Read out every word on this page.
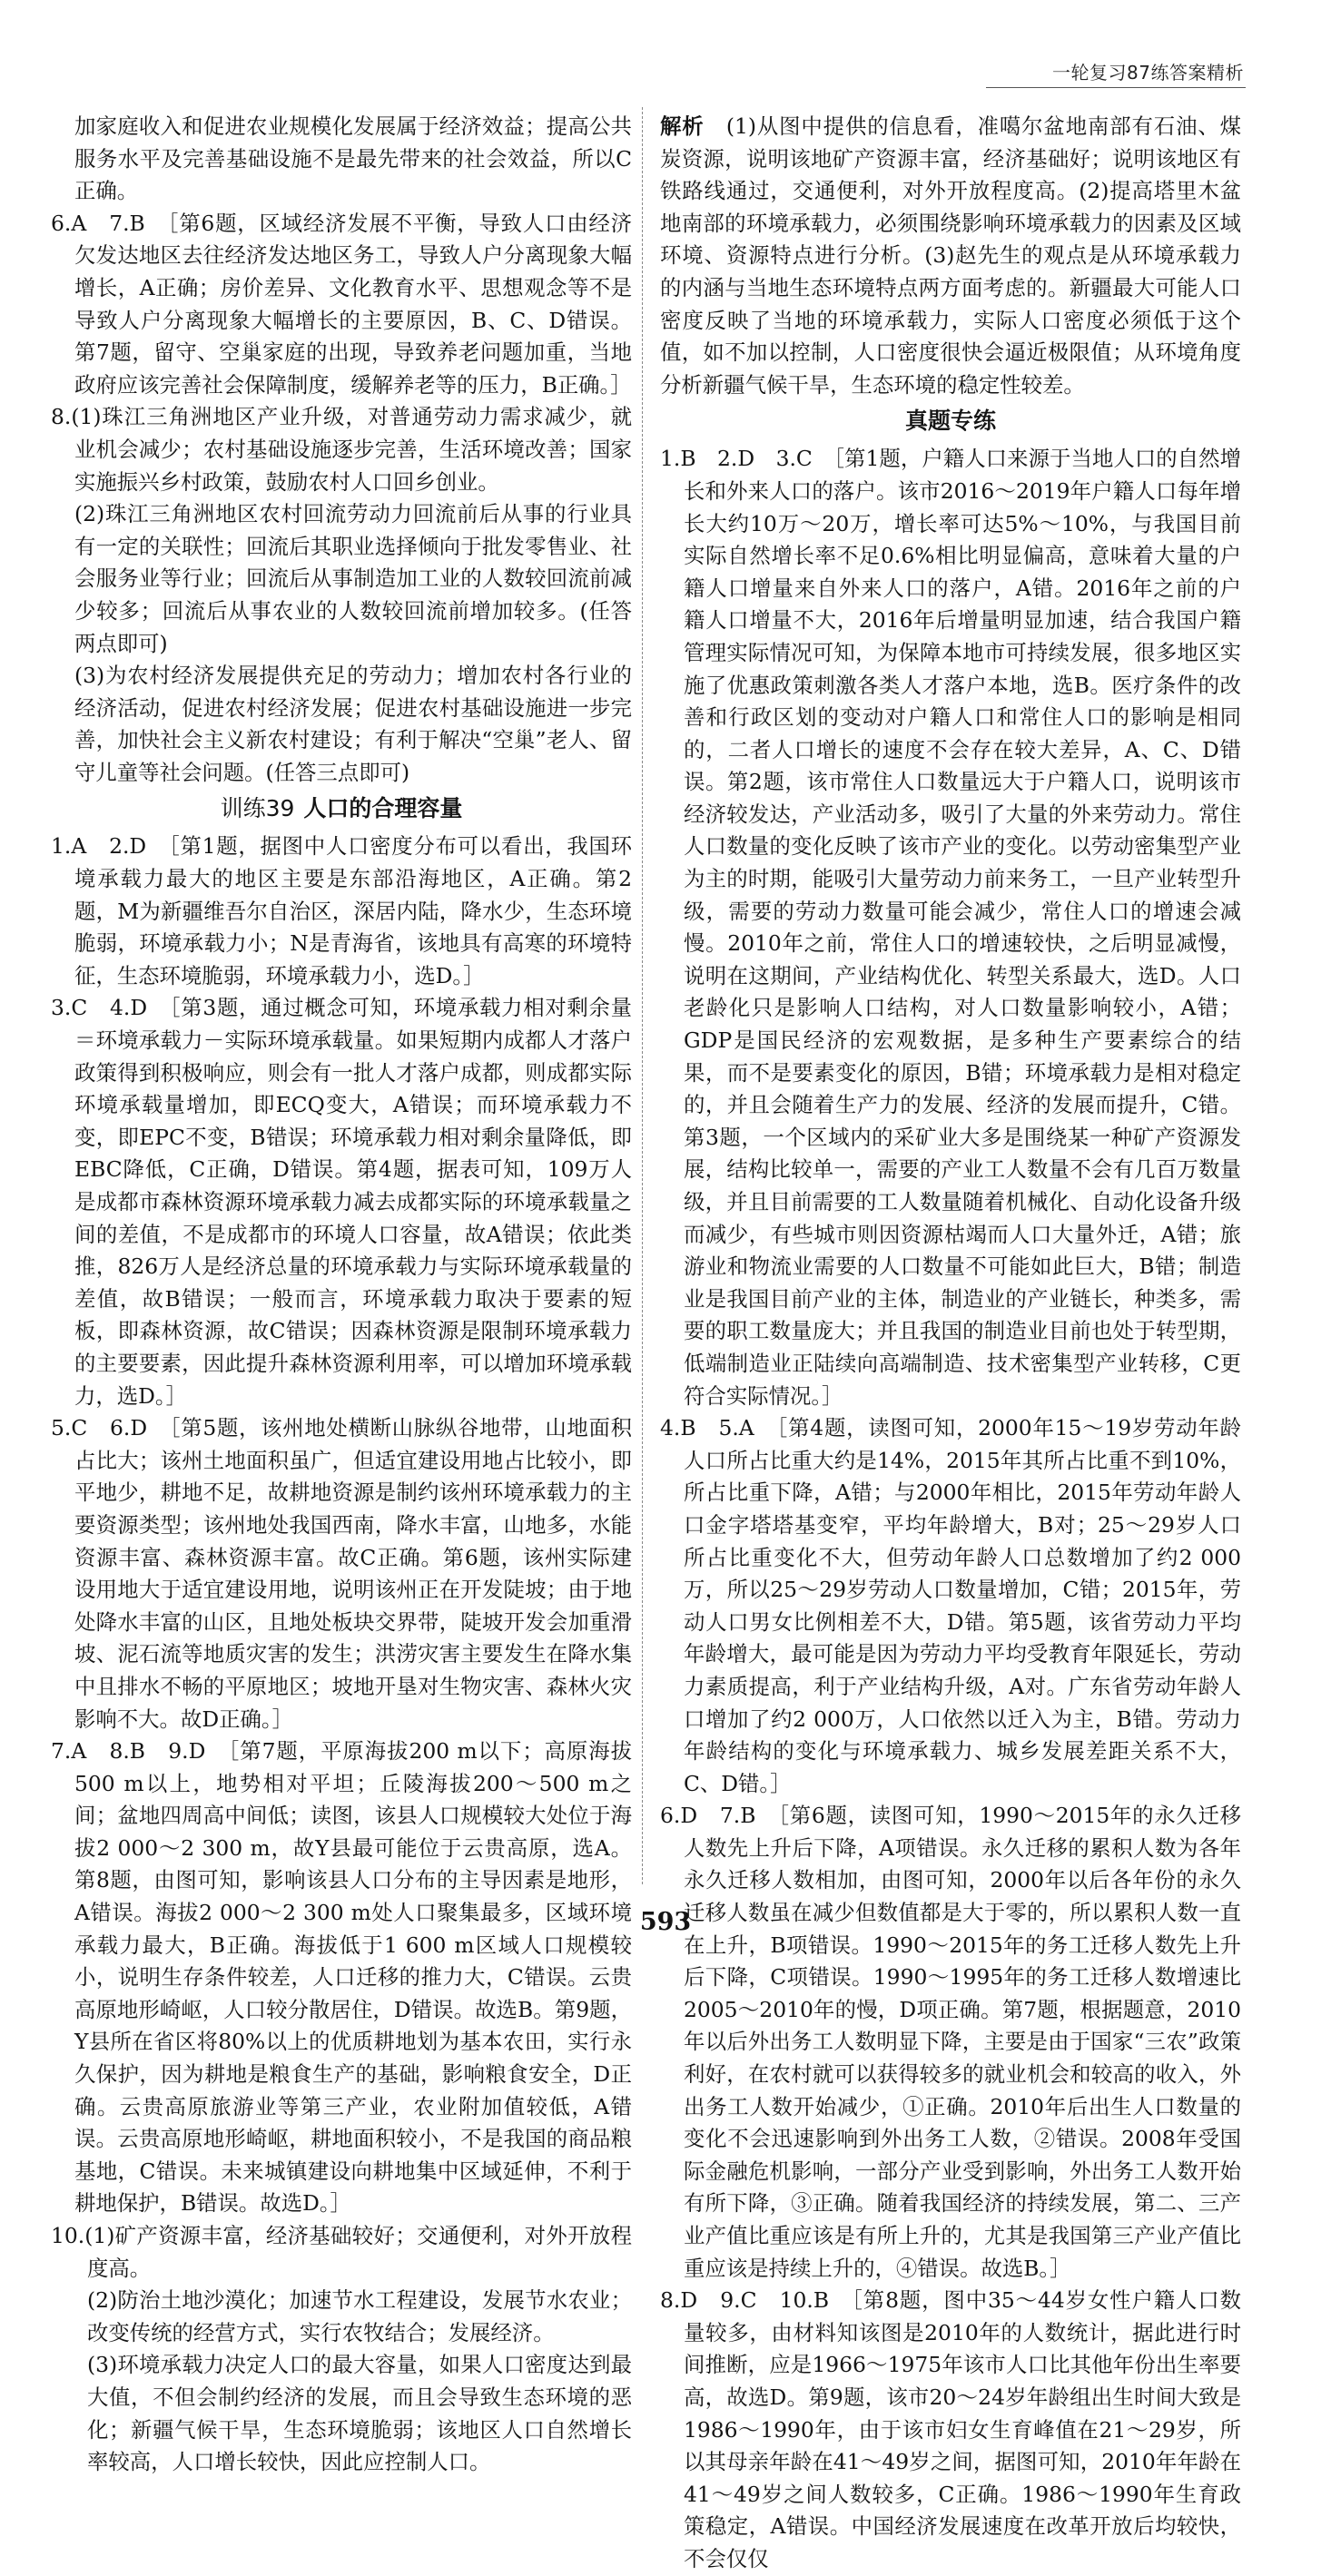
一轮复习87练答案精析

加家庭收入和促进农业规模化发展属于经济效益；提高公共服务水平及完善基础设施不是最先带来的社会效益，所以C正确。

6.A　7.B　［第6题，区域经济发展不平衡，导致人口由经济欠发达地区去往经济发达地区务工，导致人户分离现象大幅增长，A正确；房价差异、文化教育水平、思想观念等不是导致人户分离现象大幅增长的主要原因，B、C、D错误。第7题，留守、空巢家庭的出现，导致养老问题加重，当地政府应该完善社会保障制度，缓解养老等的压力，B正确。］

8.(1)珠江三角洲地区产业升级，对普通劳动力需求减少，就业机会减少；农村基础设施逐步完善，生活环境改善；国家实施振兴乡村政策，鼓励农村人口回乡创业。

(2)珠江三角洲地区农村回流劳动力回流前后从事的行业具有一定的关联性；回流后其职业选择倾向于批发零售业、社会服务业等行业；回流后从事制造加工业的人数较回流前减少较多；回流后从事农业的人数较回流前增加较多。(任答两点即可)

(3)为农村经济发展提供充足的劳动力；增加农村各行业的经济活动，促进农村经济发展；促进农村基础设施进一步完善，加快社会主义新农村建设；有利于解决“空巢”老人、留守儿童等社会问题。(任答三点即可)

训练39 人口的合理容量

1.A　2.D　［第1题，据图中人口密度分布可以看出，我国环境承载力最大的地区主要是东部沿海地区，A正确。第2题，M为新疆维吾尔自治区，深居内陆，降水少，生态环境脆弱，环境承载力小；N是青海省，该地具有高寒的环境特征，生态环境脆弱，环境承载力小，选D。］

3.C　4.D　［第3题，通过概念可知，环境承载力相对剩余量＝环境承载力－实际环境承载量。如果短期内成都人才落户政策得到积极响应，则会有一批人才落户成都，则成都实际环境承载量增加，即ECQ变大，A错误；而环境承载力不变，即EPC不变，B错误；环境承载力相对剩余量降低，即EBC降低，C正确，D错误。第4题，据表可知，109万人是成都市森林资源环境承载力减去成都实际的环境承载量之间的差值，不是成都市的环境人口容量，故A错误；依此类推，826万人是经济总量的环境承载力与实际环境承载量的差值，故B错误；一般而言，环境承载力取决于要素的短板，即森林资源，故C错误；因森林资源是限制环境承载力的主要要素，因此提升森林资源利用率，可以增加环境承载力，选D。］

5.C　6.D　［第5题，该州地处横断山脉纵谷地带，山地面积占比大；该州土地面积虽广，但适宜建设用地占比较小，即平地少，耕地不足，故耕地资源是制约该州环境承载力的主要资源类型；该州地处我国西南，降水丰富，山地多，水能资源丰富、森林资源丰富。故C正确。第6题，该州实际建设用地大于适宜建设用地，说明该州正在开发陡坡；由于地处降水丰富的山区，且地处板块交界带，陡坡开发会加重滑坡、泥石流等地质灾害的发生；洪涝灾害主要发生在降水集中且排水不畅的平原地区；坡地开垦对生物灾害、森林火灾影响不大。故D正确。］

7.A　8.B　9.D　［第7题，平原海拔200 m以下；高原海拔500 m以上，地势相对平坦；丘陵海拔200～500 m之间；盆地四周高中间低；读图，该县人口规模较大处位于海拔2 000～2 300 m，故Y县最可能位于云贵高原，选A。第8题，由图可知，影响该县人口分布的主导因素是地形，A错误。海拔2 000～2 300 m处人口聚集最多，区域环境承载力最大，B正确。海拔低于1 600 m区域人口规模较小，说明生存条件较差，人口迁移的推力大，C错误。云贵高原地形崎岖，人口较分散居住，D错误。故选B。第9题，Y县所在省区将80%以上的优质耕地划为基本农田，实行永久保护，因为耕地是粮食生产的基础，影响粮食安全，D正确。云贵高原旅游业等第三产业，农业附加值较低，A错误。云贵高原地形崎岖，耕地面积较小，不是我国的商品粮基地，C错误。未来城镇建设向耕地集中区域延伸，不利于耕地保护，B错误。故选D。］

10.(1)矿产资源丰富，经济基础较好；交通便利，对外开放程度高。

(2)防治土地沙漠化；加速节水工程建设，发展节水农业；改变传统的经营方式，实行农牧结合；发展经济。

(3)环境承载力决定人口的最大容量，如果人口密度达到最大值，不但会制约经济的发展，而且会导致生态环境的恶化；新疆气候干旱，生态环境脆弱；该地区人口自然增长率较高，人口增长较快，因此应控制人口。

解析　 (1)从图中提供的信息看，准噶尔盆地南部有石油、煤炭资源，说明该地矿产资源丰富，经济基础好；说明该地区有铁路线通过，交通便利，对外开放程度高。(2)提高塔里木盆地南部的环境承载力，必须围绕影响环境承载力的因素及区域环境、资源特点进行分析。(3)赵先生的观点是从环境承载力的内涵与当地生态环境特点两方面考虑的。新疆最大可能人口密度反映了当地的环境承载力，实际人口密度必须低于这个值，如不加以控制，人口密度很快会逼近极限值；从环境角度分析新疆气候干旱，生态环境的稳定性较差。

真题专练

1.B　2.D　3.C　［第1题，户籍人口来源于当地人口的自然增长和外来人口的落户。该市2016～2019年户籍人口每年增长大约10万～20万，增长率可达5%～10%，与我国目前实际自然增长率不足0.6%相比明显偏高，意味着大量的户籍人口增量来自外来人口的落户，A错。2016年之前的户籍人口增量不大，2016年后增量明显加速，结合我国户籍管理实际情况可知，为保障本地市可持续发展，很多地区实施了优惠政策刺激各类人才落户本地，选B。医疗条件的改善和行政区划的变动对户籍人口和常住人口的影响是相同的，二者人口增长的速度不会存在较大差异，A、C、D错误。第2题，该市常住人口数量远大于户籍人口，说明该市经济较发达，产业活动多，吸引了大量的外来劳动力。常住人口数量的变化反映了该市产业的变化。以劳动密集型产业为主的时期，能吸引大量劳动力前来务工，一旦产业转型升级，需要的劳动力数量可能会减少，常住人口的增速会减慢。2010年之前，常住人口的增速较快，之后明显减慢，说明在这期间，产业结构优化、转型关系最大，选D。人口老龄化只是影响人口结构，对人口数量影响较小，A错；GDP是国民经济的宏观数据，是多种生产要素综合的结果，而不是要素变化的原因，B错；环境承载力是相对稳定的，并且会随着生产力的发展、经济的发展而提升，C错。第3题，一个区域内的采矿业大多是围绕某一种矿产资源发展，结构比较单一，需要的产业工人数量不会有几百万数量级，并且目前需要的工人数量随着机械化、自动化设备升级而减少，有些城市则因资源枯竭而人口大量外迁，A错；旅游业和物流业需要的人口数量不可能如此巨大，B错；制造业是我国目前产业的主体，制造业的产业链长，种类多，需要的职工数量庞大；并且我国的制造业目前也处于转型期，低端制造业正陆续向高端制造、技术密集型产业转移，C更符合实际情况。］

4.B　5.A　［第4题，读图可知，2000年15～19岁劳动年龄人口所占比重大约是14%，2015年其所占比重不到10%，所占比重下降，A错；与2000年相比，2015年劳动年龄人口金字塔塔基变窄，平均年龄增大，B对；25～29岁人口所占比重变化不大，但劳动年龄人口总数增加了约2 000万，所以25～29岁劳动人口数量增加，C错；2015年，劳动人口男女比例相差不大，D错。第5题，该省劳动力平均年龄增大，最可能是因为劳动力平均受教育年限延长，劳动力素质提高，利于产业结构升级，A对。广东省劳动年龄人口增加了约2 000万，人口依然以迁入为主，B错。劳动力年龄结构的变化与环境承载力、城乡发展差距关系不大，C、D错。］

6.D　7.B　［第6题，读图可知，1990～2015年的永久迁移人数先上升后下降，A项错误。永久迁移的累积人数为各年永久迁移人数相加，由图可知，2000年以后各年份的永久迁移人数虽在减少但数值都是大于零的，所以累积人数一直在上升，B项错误。1990～2015年的务工迁移人数先上升后下降，C项错误。1990～1995年的务工迁移人数增速比2005～2010年的慢，D项正确。第7题，根据题意，2010年以后外出务工人数明显下降，主要是由于国家“三农”政策利好，在农村就可以获得较多的就业机会和较高的收入，外出务工人数开始减少，①正确。2010年后出生人口数量的变化不会迅速影响到外出务工人数，②错误。2008年受国际金融危机影响，一部分产业受到影响，外出务工人数开始有所下降，③正确。随着我国经济的持续发展，第二、三产业产值比重应该是有所上升的，尤其是我国第三产业产值比重应该是持续上升的，④错误。故选B。］

8.D　9.C　10.B　［第8题，图中35～44岁女性户籍人口数量较多，由材料知该图是2010年的人数统计，据此进行时间推断，应是1966～1975年该市人口比其他年份出生率要高，故选D。第9题，该市20～24岁年龄组出生时间大致是1986～1990年，由于该市妇女生育峰值在21～29岁，所以其母亲年龄在41～49岁之间，据图可知，2010年年龄在41～49岁之间人数较多，C正确。1986～1990年生育政策稳定，A错误。中国经济发展速度在改革开放后均较快，不会仅仅

593
